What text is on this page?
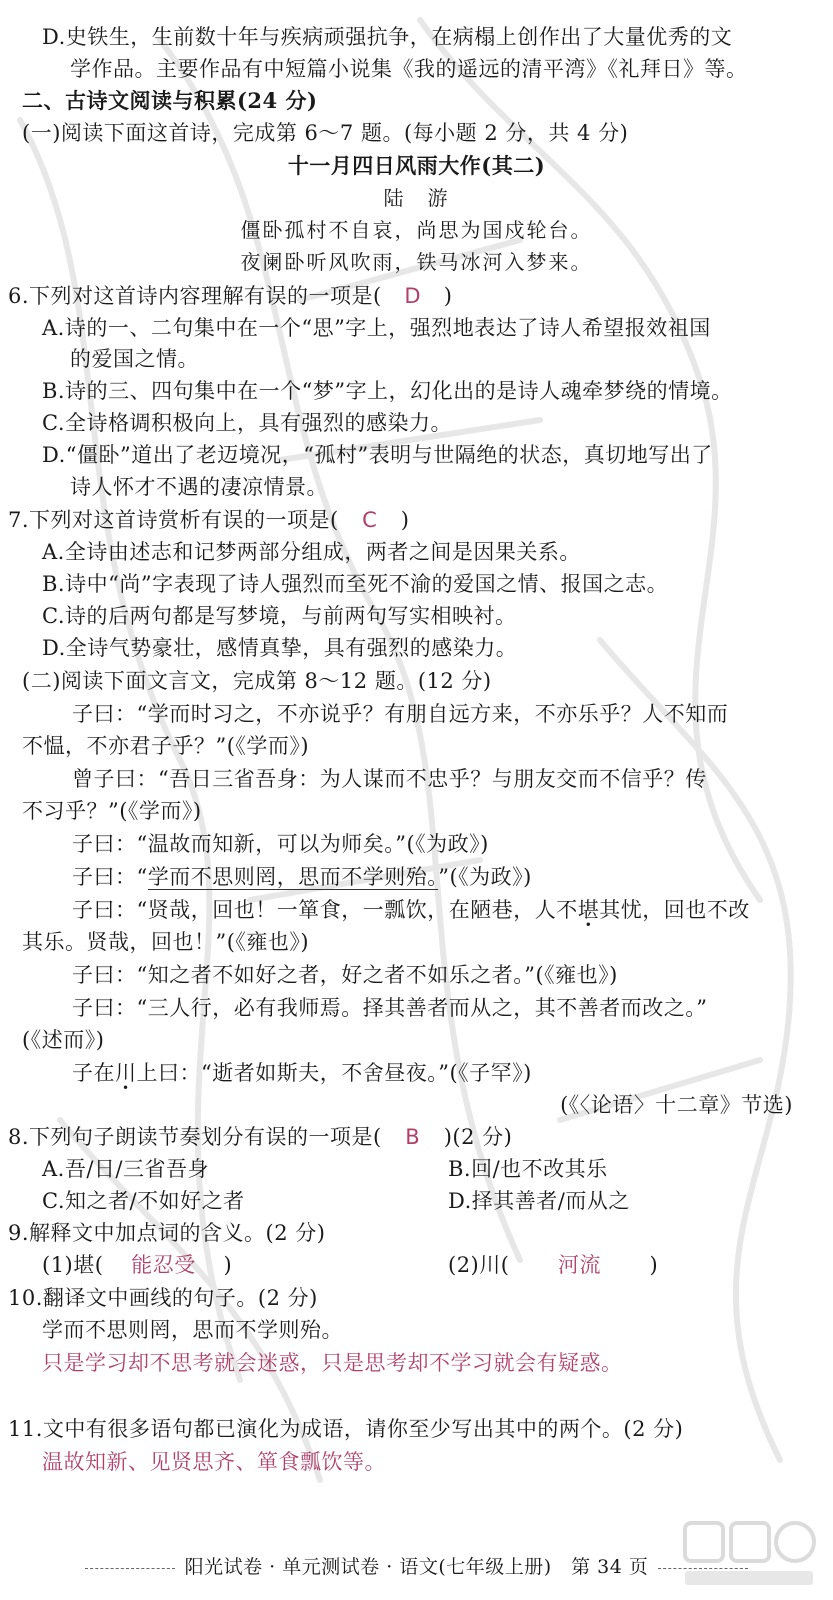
D.史铁生，生前数十年与疾病顽强抗争，在病榻上创作出了大量优秀的文
学作品。主要作品有中短篇小说集《我的遥远的清平湾》《礼拜日》等。
二、古诗文阅读与积累(24 分)
(一)阅读下面这首诗，完成第 6～7 题。(每小题 2 分，共 4 分)
十一月四日风雨大作(其二)
陆　游
僵卧孤村不自哀，尚思为国戍轮台。
夜阑卧听风吹雨，铁马冰河入梦来。
6.下列对这首诗内容理解有误的一项是( D )
A.诗的一、二句集中在一个“思”字上，强烈地表达了诗人希望报效祖国
的爱国之情。
B.诗的三、四句集中在一个“梦”字上，幻化出的是诗人魂牵梦绕的情境。
C.全诗格调积极向上，具有强烈的感染力。
D.“僵卧”道出了老迈境况，“孤村”表明与世隔绝的状态，真切地写出了
诗人怀才不遇的凄凉情景。
7.下列对这首诗赏析有误的一项是( C )
A.全诗由述志和记梦两部分组成，两者之间是因果关系。
B.诗中“尚”字表现了诗人强烈而至死不渝的爱国之情、报国之志。
C.诗的后两句都是写梦境，与前两句写实相映衬。
D.全诗气势豪壮，感情真挚，具有强烈的感染力。
(二)阅读下面文言文，完成第 8～12 题。(12 分)
子曰：“学而时习之，不亦说乎？有朋自远方来，不亦乐乎？人不知而
不愠，不亦君子乎？”(《学而》)
曾子曰：“吾日三省吾身：为人谋而不忠乎？与朋友交而不信乎？传
不习乎？”(《学而》)
子曰：“温故而知新，可以为师矣。”(《为政》)
子曰：“学而不思则罔，思而不学则殆。”(《为政》)
子曰：“贤哉，回也！一箪食，一瓢饮，在陋巷，人不堪其忧，回也不改
其乐。贤哉，回也！”(《雍也》)
子曰：“知之者不如好之者，好之者不如乐之者。”(《雍也》)
子曰：“三人行，必有我师焉。择其善者而从之，其不善者而改之。”
(《述而》)
子在川上曰：“逝者如斯夫，不舍昼夜。”(《子罕》)
(《〈论语〉十二章》节选)
8.下列句子朗读节奏划分有误的一项是( B )(2 分)
A.吾/日/三省吾身	B.回/也不改其乐
C.知之者/不如好之者	D.择其善者/而从之
9.解释文中加点词的含义。(2 分)
(1)堪( 能忍受 )	(2)川( 河流 )
10.翻译文中画线的句子。(2 分)
学而不思则罔，思而不学则殆。
只是学习却不思考就会迷惑，只是思考却不学习就会有疑惑。
11.文中有很多语句都已演化为成语，请你至少写出其中的两个。(2 分)
温故知新、见贤思齐、箪食瓢饮等。
阳光试卷 · 单元测试卷 · 语文(七年级上册)　第 34 页
